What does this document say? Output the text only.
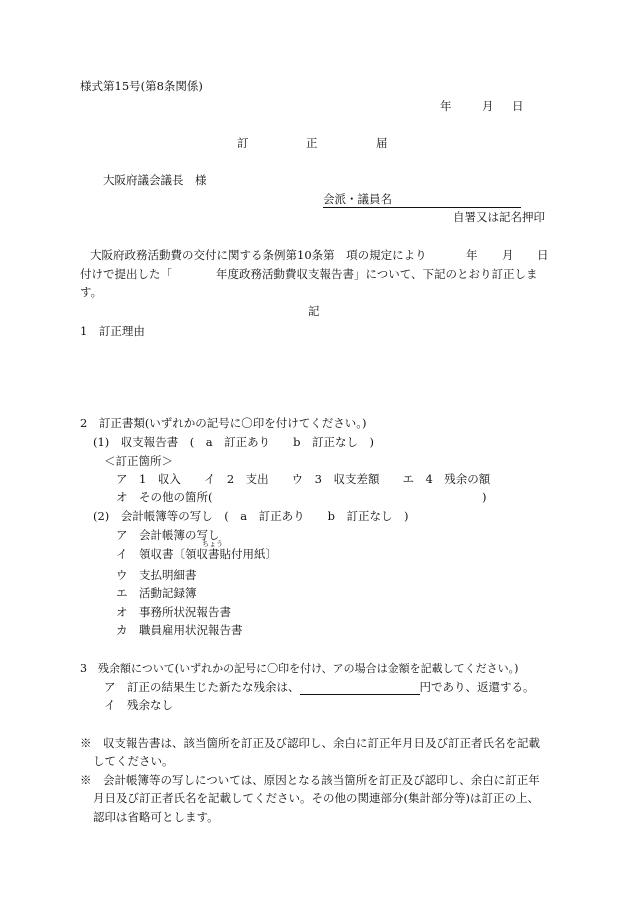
様式第15号(第8条関係)
年	月 日
訂	正	届
大阪府議会議長　様
会派・議員名
自署又は記名押印
大阪府政務活動費の交付に関する条例第10条第　項の規定により	年 月 日
付けで提出した「	年度政務活動費収支報告書」について、下記のとおり訂正しま
す。
記
1　訂正理由
2　訂正書類(いずれかの記号に〇印を付けてください。)
(1)　収支報告書　(　a　訂正あり　　b　訂正なし　)
＜訂正箇所＞
ア　1　収入　　イ　2　支出　　ウ　3　収支差額　　エ　4　残余の額
オ　その他の箇所(	)
(2)　会計帳簿等の写し　(　a　訂正あり　　b　訂正なし　)
ア　会計帳簿の写し
ちょう
イ　領収書〔領収書貼付用紙〕
ウ　支払明細書
エ　活動記録簿
オ　事務所状況報告書
カ　職員雇用状況報告書
3　残余額について(いずれかの記号に〇印を付け、アの場合は金額を記載してください。)
ア　訂正の結果生じた新たな残余は、	円であり、返還する。
イ　残余なし
※　収支報告書は、該当箇所を訂正及び認印し、余白に訂正年月日及び訂正者氏名を記載
してください。
※　会計帳簿等の写しについては、原因となる該当箇所を訂正及び認印し、余白に訂正年
月日及び訂正者氏名を記載してください。その他の関連部分(集計部分等)は訂正の上、
認印は省略可とします。
